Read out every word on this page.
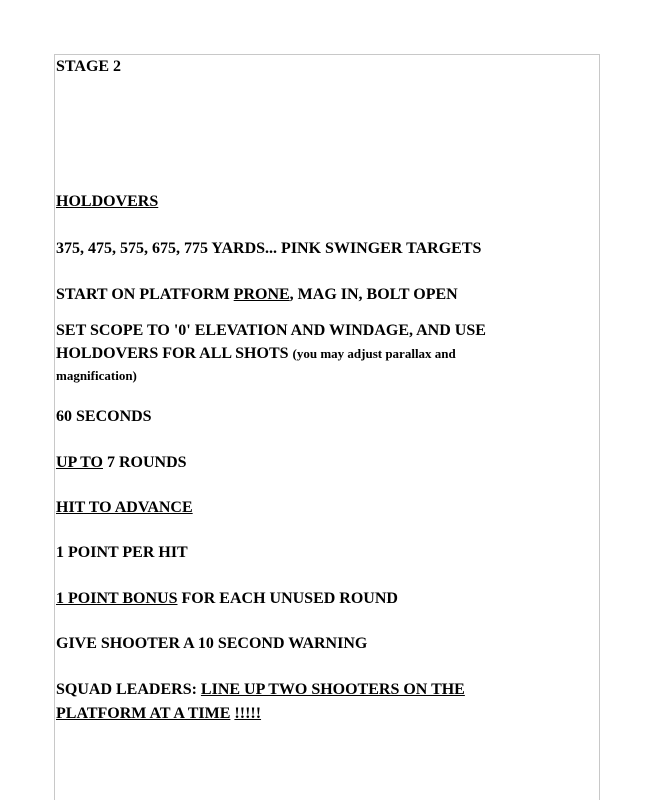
STAGE 2

HOLDOVERS

375, 475, 575, 675, 775 YARDS... PINK SWINGER TARGETS

START ON PLATFORM PRONE, MAG IN, BOLT OPEN

SET SCOPE TO '0' ELEVATION AND WINDAGE, AND USE

HOLDOVERS FOR ALL SHOTS (you may adjust parallax and

magnification)

60 SECONDS

UP TO 7 ROUNDS

HIT TO ADVANCE

1 POINT PER HIT

1 POINT BONUS FOR EACH UNUSED ROUND

GIVE SHOOTER A 10 SECOND WARNING

SQUAD LEADERS: LINE UP TWO SHOOTERS ON THE

PLATFORM AT A TIME !!!!!
